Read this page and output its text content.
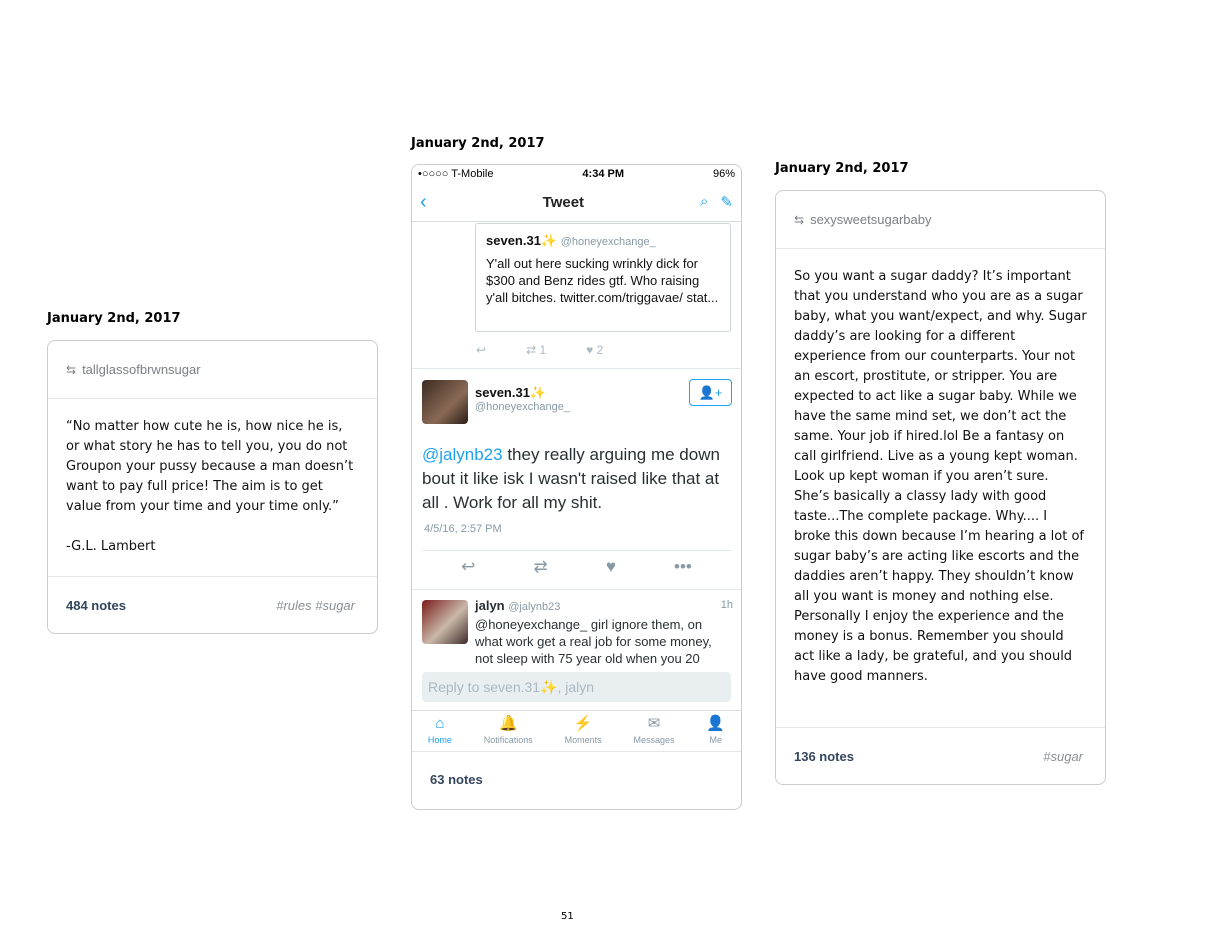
January 2nd, 2017
⇆ tallglassofbrwnsugar

“No matter how cute he is, how nice he is, or what story he has to tell you, you do not Groupon your pussy because a man doesn’t want to pay full price! The aim is to get value from your time and your time only.”

-G.L. Lambert

484 notes	#rules #sugar
January 2nd, 2017
•○○○○ T-Mobile	4:34 PM	96%
‹	Tweet	⌕ ✎
seven.31✨ @honeyexchange_
Y'all out here sucking wrinkly dick for $300 and Benz rides gtf. Who raising y'all bitches. twitter.com/triggavae/ stat...
↩	⇄ 1	♥ 2
seven.31✨
@honeyexchange_
👤+
@jalynb23 they really arguing me down bout it like isk I wasn't raised like that at all . Work for all my shit.
4/5/16, 2:57 PM
↩	⇄	♥	•••
jalyn @jalynb23	1h
@honeyexchange_ girl ignore them, on what work get a real job for some money, not sleep with 75 year old when you 20
Reply to seven.31✨, jalyn
⌂
Home
🔔
Notifications
⚡
Moments
✉
Messages
👤
Me
63 notes
January 2nd, 2017
⇆ sexysweetsugarbaby

So you want a sugar daddy? It’s important that you understand who you are as a sugar baby, what you want/expect, and why. Sugar daddy’s are looking for a different experience from our counterparts. Your not an escort, prostitute, or stripper. You are expected to act like a sugar baby. While we have the same mind set, we don’t act the same. Your job if hired.lol Be a fantasy on call girlfriend. Live as a young kept woman. Look up kept woman if you aren’t sure. She’s basically a classy lady with good taste...The complete package. Why.... I broke this down because I’m hearing a lot of sugar baby’s are acting like escorts and the daddies aren’t happy. They shouldn’t know all you want is money and nothing else. Personally I enjoy the experience and the money is a bonus. Remember you should act like a lady, be grateful, and you should have good manners.

136 notes	#sugar
51
